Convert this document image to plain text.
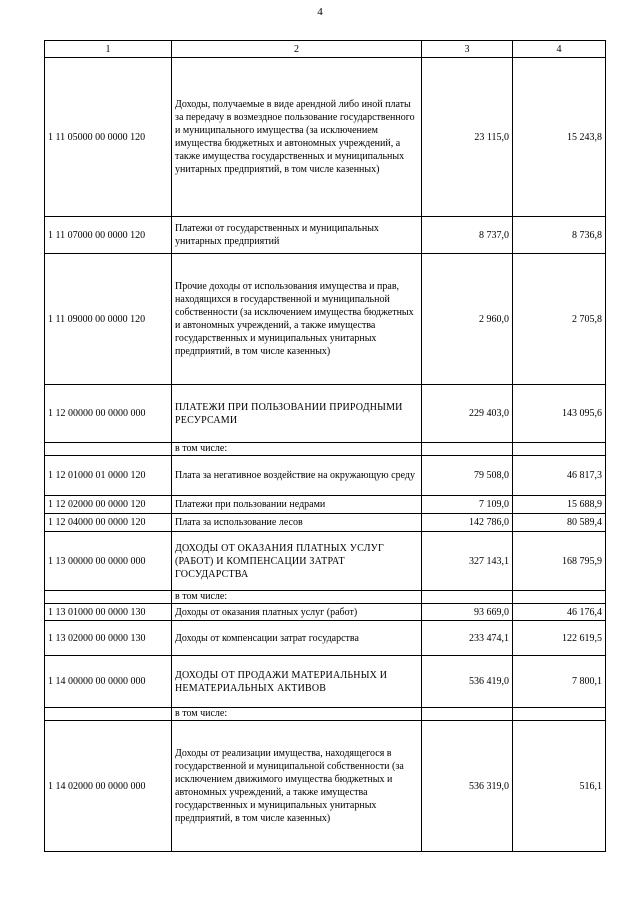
4
1	2	3	4
1 11 05000 00 0000 120	Доходы, получаемые в виде арендной либо иной платы за передачу в возмездное пользование государственного и муниципального имущества (за исключением имущества бюджетных и автономных учреждений, а также имущества государственных и муниципальных унитарных предприятий, в том числе казенных)	23 115,0	15 243,8
1 11 07000 00 0000 120	Платежи от государственных и муниципальных унитарных предприятий	8 737,0	8 736,8
1 11 09000 00 0000 120	Прочие доходы от использования имущества и прав, находящихся в государственной и муниципальной собственности (за исключением имущества бюджетных и автономных учреждений, а также имущества государственных и муниципальных унитарных предприятий, в том числе казенных)	2 960,0	2 705,8
1 12 00000 00 0000 000	ПЛАТЕЖИ ПРИ ПОЛЬЗОВАНИИ ПРИРОДНЫМИ РЕСУРСАМИ	229 403,0	143 095,6
	в том числе:		
1 12 01000 01 0000 120	Плата за негативное воздействие на окружающую среду	79 508,0	46 817,3
1 12 02000 00 0000 120	Платежи при пользовании недрами	7 109,0	15 688,9
1 12 04000 00 0000 120	Плата за использование лесов	142 786,0	80 589,4
1 13 00000 00 0000 000	ДОХОДЫ ОТ ОКАЗАНИЯ ПЛАТНЫХ УСЛУГ (РАБОТ) И КОМПЕНСАЦИИ ЗАТРАТ ГОСУДАРСТВА	327 143,1	168 795,9
	в том числе:		
1 13 01000 00 0000 130	Доходы от оказания платных услуг (работ)	93 669,0	46 176,4
1 13 02000 00 0000 130	Доходы от компенсации затрат государства	233 474,1	122 619,5
1 14 00000 00 0000 000	ДОХОДЫ ОТ ПРОДАЖИ МАТЕРИАЛЬНЫХ И НЕМАТЕРИАЛЬНЫХ АКТИВОВ	536 419,0	7 800,1
	в том числе:		
1 14 02000 00 0000 000	Доходы от реализации имущества, находящегося в государственной и муниципальной собственности (за исключением движимого имущества бюджетных и автономных учреждений, а также имущества государственных и муниципальных унитарных предприятий, в том числе казенных)	536 319,0	516,1
